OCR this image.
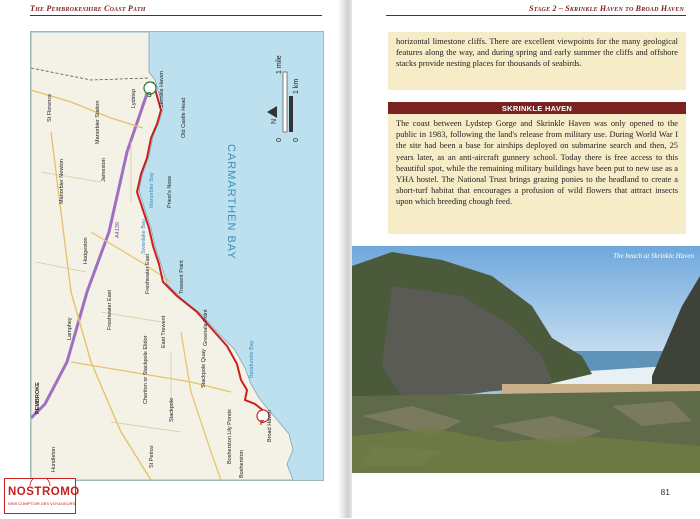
The Pembrokeshire Coast Path
CARMARTHEN BAY
N
1 mile
1 km
0 0
S
F
Lydstep	Skrinkle Haven
Old Castle Head
Manorbier Station
St Florence
Jameston
Manorbier Newton	Priest's Nose
Manorbier Bay
Hodgeston	Swanlake Bay
Freshwater East	Trewent Point
Freshwater East
Lamphey	East Trewent	Greenala Point
Stackpole Quay
Cheriton or Stackpole Elidor	Barafundle Bay
Stackpole
PEMBROKE
Bosherston Lily Ponds	Broad Haven
Hundleton	St Petrox	Bosherston
A4139
Stage 2 – Skrinkle Haven to Broad Haven

horizontal limestone cliffs. There are excellent viewpoints for the many geological features along the way, and during spring and early summer the cliffs and offshore stacks provide nesting places for thousands of seabirds.

SKRINKLE HAVEN

The coast between Lydstep Gorge and Skrinkle Haven was only opened to the public in 1983, following the land's release from military use. During World War I the site had been a base for airships deployed on submarine search and then, 25 years later, as an anti-aircraft gunnery school. Today there is free access to this beautiful spot, while the remaining military buildings have been put to new use as a YHA hostel. The National Trust brings grazing ponies to the headland to create a short-turf habitat that encourages a profusion of wild flowers that attract insects upon which breeding chough feed.

The beach at Skrinkle Haven
81
NOSTROMO
WEB COMPTOIR DES VOYAGEURS
